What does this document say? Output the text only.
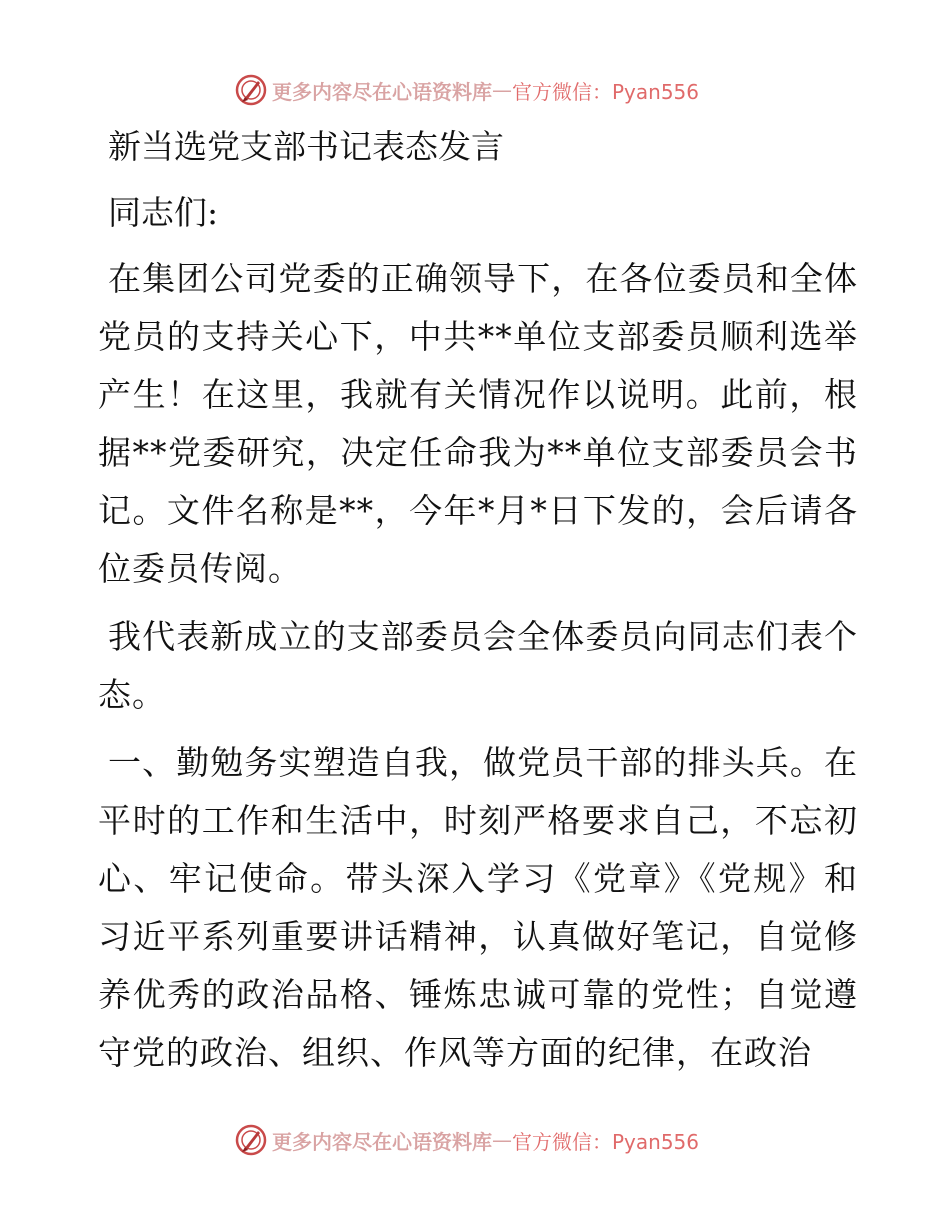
更多内容尽在心语资料库 — 官方微信：Pyan556
新当选党支部书记表态发言
同志们:

在集团公司党委的正确领导下，在各位委员和全体党员的支持关心下，中共**单位支部委员顺利选举产生！在这里，我就有关情况作以说明。此前，根据**党委研究，决定任命我为**单位支部委员会书记。文件名称是**，今年*月*日下发的，会后请各位委员传阅。

我代表新成立的支部委员会全体委员向同志们表个态。

一、勤勉务实塑造自我，做党员干部的排头兵。在平时的工作和生活中，时刻严格要求自己，不忘初心、牢记使命。带头深入学习《党章》《党规》和习近平系列重要讲话精神，认真做好笔记，自觉修养优秀的政治品格、锤炼忠诚可靠的党性；自觉遵守党的政治、组织、作风等方面的纪律，在政治

更多内容尽在心语资料库 — 官方微信：Pyan556
